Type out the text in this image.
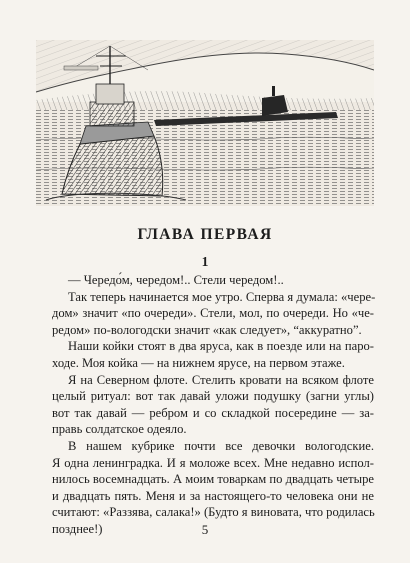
ГЛАВА ПЕРВАЯ
1

— Чередо́м, чередом!.. Стели чередом!..

Так теперь начинается мое утро. Сперва я думала: «чере-
дом» значит «по очереди». Стели, мол, по очереди. Но «че-
редом» по-вологодски значит «как следует», “аккуратно”.

Наши койки стоят в два яруса, как в поезде или на паро-
ходе. Моя койка — на нижнем ярусе, на первом этаже.

Я на Северном флоте. Стелить кровати на всяком флоте
целый ритуал: вот так давай уложи подушку (загни углы)
вот так давай — ребром и со складкой посередине — за-
правь солдатское одеяло.

В нашем кубрике почти все девочки вологодские.
Я одна ленинградка. И я моложе всех. Мне недавно испол-
нилось восемнадцать. А моим товаркам по двадцать четыре
и двадцать пять. Меня и за настоящего-то человека они не
считают: «Раззява, салака!» (Будто я виновата, что родилась
позднее!)	5
